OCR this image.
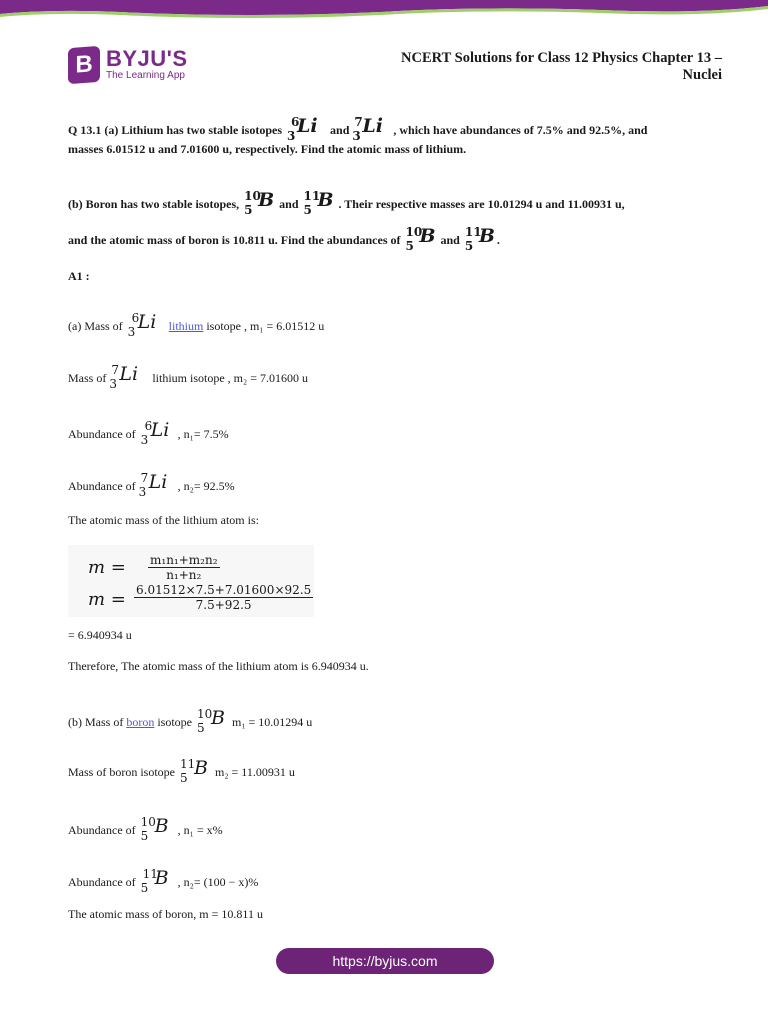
B BYJU'S
The Learning App
NCERT Solutions for Class 12 Physics Chapter 13 – Nuclei
Q 13.1 (a) Lithium has two stable isotopes
6
3 Li and
7
3 Li , which have abundances of 7.5% and 92.5%, and
masses 6.01512 u and 7.01600 u, respectively. Find the atomic mass of lithium.
(b) Boron has two stable isotopes,
10
5 B and
11
5 B . Their respective masses are 10.01294 u and 11.00931 u,
and the atomic mass of boron is 10.811 u. Find the abundances of
10
5 B and
11
5 B .
A1 :
(a) Mass of
6
3 Li lithium isotope , m₁ = 6.01512 u
Mass of
7
3 Li lithium isotope , m₂ = 7.01600 u
Abundance of
6
3 Li , n₁= 7.5%
Abundance of
7
3 Li , n₂= 92.5%
The atomic mass of the lithium atom is:
$m = \frac{\text{m₁n₁+m₂n₂}}{\text{n₁+n₂}}$
$m = \frac{6.01512\times 7.5+7.01600\times 92.5}{7.5+92.5}$
= 6.940934 u
Therefore, The atomic mass of the lithium atom is 6.940934 u.
(b) Mass of boron isotope
10
5 B m₁ = 10.01294 u
Mass of boron isotope
11
5 B m₂ = 11.00931 u
Abundance of
10
5 B , n₁ = x%
Abundance of
11
5 B , n₂= (100 − x)%
The atomic mass of boron, m = 10.811 u
https://byjus.com
